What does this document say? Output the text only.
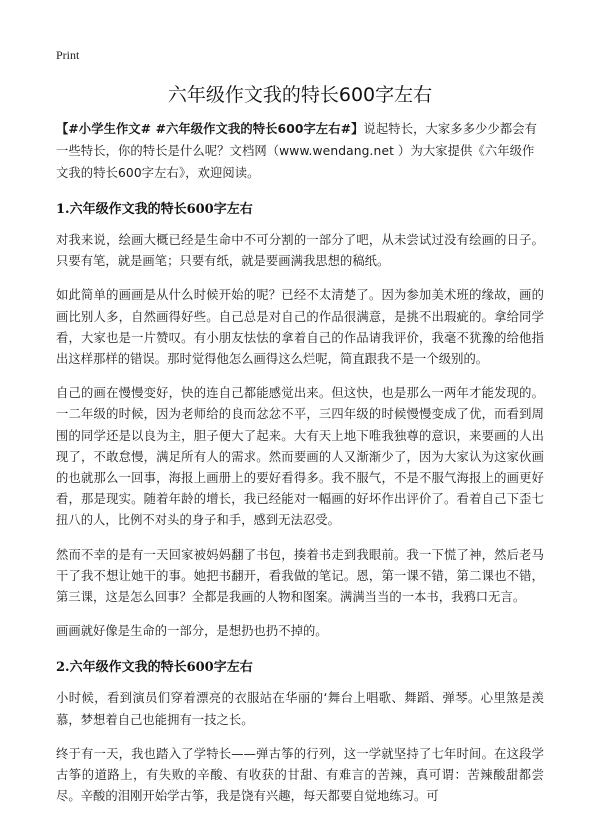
Print
六年级作文我的特长600字左右

【#小学生作文# #六年级作文我的特长600字左右#】说起特长，大家多多少少都会有一些特长，你的特长是什么呢？文档网（www.wendang.net ）为大家提供《六年级作文我的特长600字左右》，欢迎阅读。

1.六年级作文我的特长600字左右

对我来说，绘画大概已经是生命中不可分割的一部分了吧，从未尝试过没有绘画的日子。只要有笔，就是画笔；只要有纸，就是要画满我思想的稿纸。

如此简单的画画是从什么时候开始的呢？已经不太清楚了。因为参加美术班的缘故，画的画比别人多，自然画得好些。自己总是对自己的作品很满意，是挑不出瑕疵的。拿给同学看，大家也是一片赞叹。有小朋友怯怯的拿着自己的作品请我评价，我毫不犹豫的给他指出这样那样的错误。那时觉得他怎么画得这么烂呢，简直跟我不是一个级别的。

自己的画在慢慢变好，快的连自己都能感觉出来。但这快，也是那么一两年才能发现的。一二年级的时候，因为老师给的良而忿忿不平，三四年级的时候慢慢变成了优，而看到周围的同学还是以良为主，胆子便大了起来。大有天上地下唯我独尊的意识，来要画的人出现了，不敢怠慢，满足所有人的需求。然而要画的人又渐渐少了，因为大家认为这家伙画的也就那么一回事，海报上画册上的要好看得多。我不服气，不是不服气海报上的画更好看，那是现实。随着年龄的增长，我已经能对一幅画的好坏作出评价了。看着自己下歪七扭八的人，比例不对头的身子和手，感到无法忍受。

然而不幸的是有一天回家被妈妈翻了书包，揍着书走到我眼前。我一下慌了神，然后老马干了我不想让她干的事。她把书翻开，看我做的笔记。恩，第一课不错，第二课也不错，第三课，这是怎么回事？全都是我画的人物和图案。满满当当的一本书，我鸦口无言。

画画就好像是生命的一部分，是想扔也扔不掉的。

2.六年级作文我的特长600字左右

小时候，看到演员们穿着漂亮的衣服站在华丽的‘舞台上唱歌、舞蹈、弹琴。心里煞是羡慕，梦想着自己也能拥有一技之长。

终于有一天，我也踏入了学特长——弹古筝的行列，这一学就坚持了七年时间。在这段学古筝的道路上，有失败的辛酸、有收获的甘甜、有难言的苦辣，真可谓：苦辣酸甜都尝尽。辛酸的泪刚开始学古筝，我是饶有兴趣，每天都要自觉地练习。可
